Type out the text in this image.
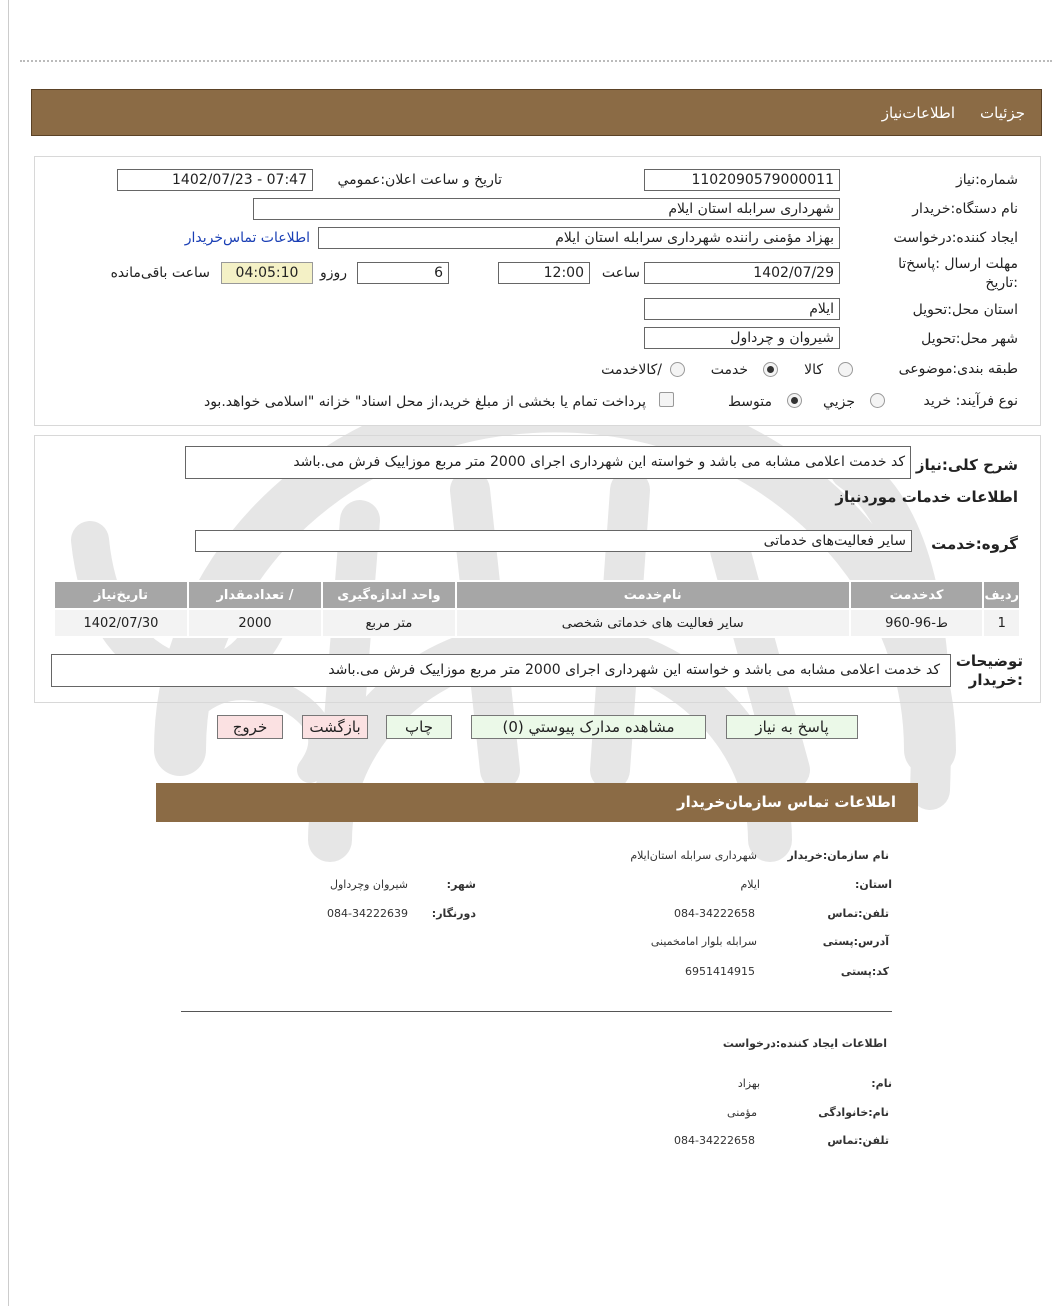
جزئیات
اطلاعات‌نیاز
شماره:نیاز
1102090579000011
تاریخ و ساعت اعلان:عمومي
1402/07/23 - 07:47
نام دستگاه:خریدار
شهرداری سرابله استان ایلام
ایجاد کننده:درخواست
بهزاد مؤمنی راننده شهرداری سرابله استان ایلام
اطلاعات تماس‌خریدار
مهلت ارسال :پاسخ‌تا
:تاریخ
1402/07/29
ساعت
12:00
6
روزو
04:05:10
ساعت باقی‌مانده
استان محل:تحویل
ایلام
شهر محل:تحویل
شیروان و چرداول
طبقه بندی:موضوعی
کالا
خدمت
/کالاخدمت
نوع فرآیند: خرید
جزیي
متوسط
پرداخت تمام یا بخشی از مبلغ خرید،از محل اسناد" خزانه "اسلامی خواهد.بود
شرح کلی:نیاز
کد خدمت اعلامی مشابه می باشد و خواسته این شهرداری اجرای 2000 متر مربع موزاییک فرش می.باشد
اطلاعات خدمات موردنیاز
گروه:خدمت
سایر فعالیت‌های خدماتی
ردیف	کدخدمت	نام‌خدمت	واحد اندازه‌گیری	/ تعدادمقدار	تاریخ‌نیاز
1	ط-96-960	سایر فعالیت های خدماتی شخصی	متر مربع	2000	1402/07/30
توضیحات
:خریدار
کد خدمت اعلامی مشابه می باشد و خواسته این شهرداری اجرای 2000 متر مربع موزاییک فرش می.باشد
پاسخ به نیاز
مشاهده مدارک پیوستي (0)
چاپ
بازگشت
خروج
اطلاعات تماس سازمان‌خریدار
نام سازمان:خریدار
شهرداری سرابله استان‌ایلام
:استان
ایلام
:شهر
شیروان وچرداول
تلفن:تماس
084-34222658
:دورنگار
084-34222639
آدرس:پستی
سرابله بلوار امامخمینی
کد:پستی
6951414915
اطلاعات ایجاد کننده:درخواست
:نام
بهزاد
نام:خانوادگی
مؤمنی
تلفن:تماس
084-34222658
